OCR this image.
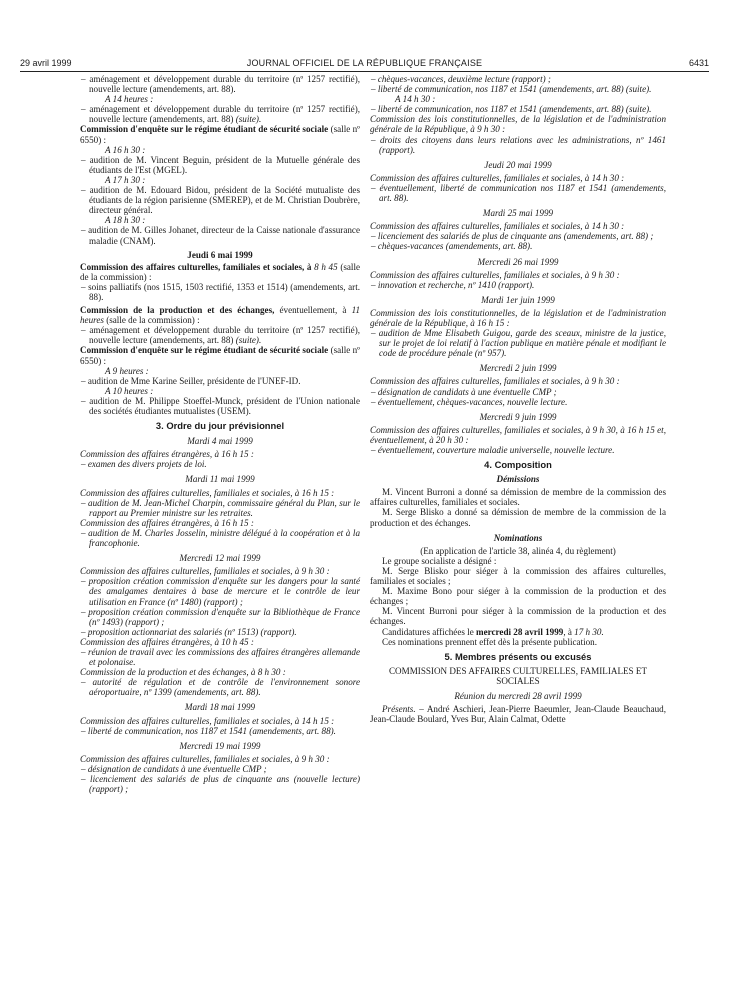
29 avril 1999	JOURNAL OFFICIEL DE LA RÉPUBLIQUE FRANÇAISE	6431

– aménagement et développement durable du territoire (nº 1257 rectifié), nouvelle lecture (amendements, art. 88).

A 14 heures :

– aménagement et développement durable du territoire (nº 1257 rectifié), nouvelle lecture (amendements, art. 88) (suite).

Commission d'enquête sur le régime étudiant de sécurité sociale (salle nº 6550) :

A 16 h 30 :

– audition de M. Vincent Beguin, président de la Mutuelle générale des étudiants de l'Est (MGEL).

A 17 h 30 :

– audition de M. Edouard Bidou, président de la Société mutualiste des étudiants de la région parisienne (SMEREP), et de M. Christian Doubrère, directeur général.

A 18 h 30 :

– audition de M. Gilles Johanet, directeur de la Caisse nationale d'assurance maladie (CNAM).

Jeudi 6 mai 1999

Commission des affaires culturelles, familiales et sociales, à 8 h 45 (salle de la commission) :

– soins palliatifs (nos 1515, 1503 rectifié, 1353 et 1514) (amendements, art. 88).

Commission de la production et des échanges, éventuellement, à 11 heures (salle de la commission) :

– aménagement et développement durable du territoire (nº 1257 rectifié), nouvelle lecture (amendements, art. 88) (suite).

Commission d'enquête sur le régime étudiant de sécurité sociale (salle nº 6550) :

A 9 heures :

– audition de Mme Karine Seiller, présidente de l'UNEF-ID.

A 10 heures :

– audition de M. Philippe Stoeffel-Munck, président de l'Union nationale des sociétés étudiantes mutualistes (USEM).

3. Ordre du jour prévisionnel

Mardi 4 mai 1999

Commission des affaires étrangères, à 16 h 15 :

– examen des divers projets de loi.

Mardi 11 mai 1999

Commission des affaires culturelles, familiales et sociales, à 16 h 15 :

– audition de M. Jean-Michel Charpin, commissaire général du Plan, sur le rapport au Premier ministre sur les retraites.

Commission des affaires étrangères, à 16 h 15 :

– audition de M. Charles Josselin, ministre délégué à la coopération et à la francophonie.

Mercredi 12 mai 1999

Commission des affaires culturelles, familiales et sociales, à 9 h 30 :

– proposition création commission d'enquête sur les dangers pour la santé des amalgames dentaires à base de mercure et le contrôle de leur utilisation en France (nº 1480) (rapport) ;

– proposition création commission d'enquête sur la Bibliothèque de France (nº 1493) (rapport) ;

– proposition actionnariat des salariés (nº 1513) (rapport).

Commission des affaires étrangères, à 10 h 45 :

– réunion de travail avec les commissions des affaires étrangères allemande et polonaise.

Commission de la production et des échanges, à 8 h 30 :

– autorité de régulation et de contrôle de l'environnement sonore aéroportuaire, nº 1399 (amendements, art. 88).

Mardi 18 mai 1999

Commission des affaires culturelles, familiales et sociales, à 14 h 15 :

– liberté de communication, nos 1187 et 1541 (amendements, art. 88).

Mercredi 19 mai 1999

Commission des affaires culturelles, familiales et sociales, à 9 h 30 :

– désignation de candidats à une éventuelle CMP ;

– licenciement des salariés de plus de cinquante ans (nouvelle lecture) (rapport) ;

– chèques-vacances, deuxième lecture (rapport) ;

– liberté de communication, nos 1187 et 1541 (amendements, art. 88) (suite).

A 14 h 30 :

– liberté de communication, nos 1187 et 1541 (amendements, art. 88) (suite).

Commission des lois constitutionnelles, de la législation et de l'administration générale de la République, à 9 h 30 :

– droits des citoyens dans leurs relations avec les administrations, nº 1461 (rapport).

Jeudi 20 mai 1999

Commission des affaires culturelles, familiales et sociales, à 14 h 30 :

– éventuellement, liberté de communication nos 1187 et 1541 (amendements, art. 88).

Mardi 25 mai 1999

Commission des affaires culturelles, familiales et sociales, à 14 h 30 :

– licenciement des salariés de plus de cinquante ans (amendements, art. 88) ;

– chèques-vacances (amendements, art. 88).

Mercredi 26 mai 1999

Commission des affaires culturelles, familiales et sociales, à 9 h 30 :

– innovation et recherche, nº 1410 (rapport).

Mardi 1er juin 1999

Commission des lois constitutionnelles, de la législation et de l'administration générale de la République, à 16 h 15 :

– audition de Mme Elisabeth Guigou, garde des sceaux, ministre de la justice, sur le projet de loi relatif à l'action publique en matière pénale et modifiant le code de procédure pénale (nº 957).

Mercredi 2 juin 1999

Commission des affaires culturelles, familiales et sociales, à 9 h 30 :

– désignation de candidats à une éventuelle CMP ;

– éventuellement, chèques-vacances, nouvelle lecture.

Mercredi 9 juin 1999

Commission des affaires culturelles, familiales et sociales, à 9 h 30, à 16 h 15 et, éventuellement, à 20 h 30 :

– éventuellement, couverture maladie universelle, nouvelle lecture.

4. Composition

Démissions

M. Vincent Burroni a donné sa démission de membre de la commission des affaires culturelles, familiales et sociales.

M. Serge Blisko a donné sa démission de membre de la commission de la production et des échanges.

Nominations

(En application de l'article 38, alinéa 4, du règlement)

Le groupe socialiste a désigné :

M. Serge Blisko pour siéger à la commission des affaires culturelles, familiales et sociales ;

M. Maxime Bono pour siéger à la commission de la production et des échanges ;

M. Vincent Burroni pour siéger à la commission de la production et des échanges.

Candidatures affichées le mercredi 28 avril 1999, à 17 h 30.

Ces nominations prennent effet dès la présente publication.

5. Membres présents ou excusés

COMMISSION DES AFFAIRES CULTURELLES, FAMILIALES ET SOCIALES

Réunion du mercredi 28 avril 1999

Présents. – André Aschieri, Jean-Pierre Baeumler, Jean-Claude Beauchaud, Jean-Claude Boulard, Yves Bur, Alain Calmat, Odette
